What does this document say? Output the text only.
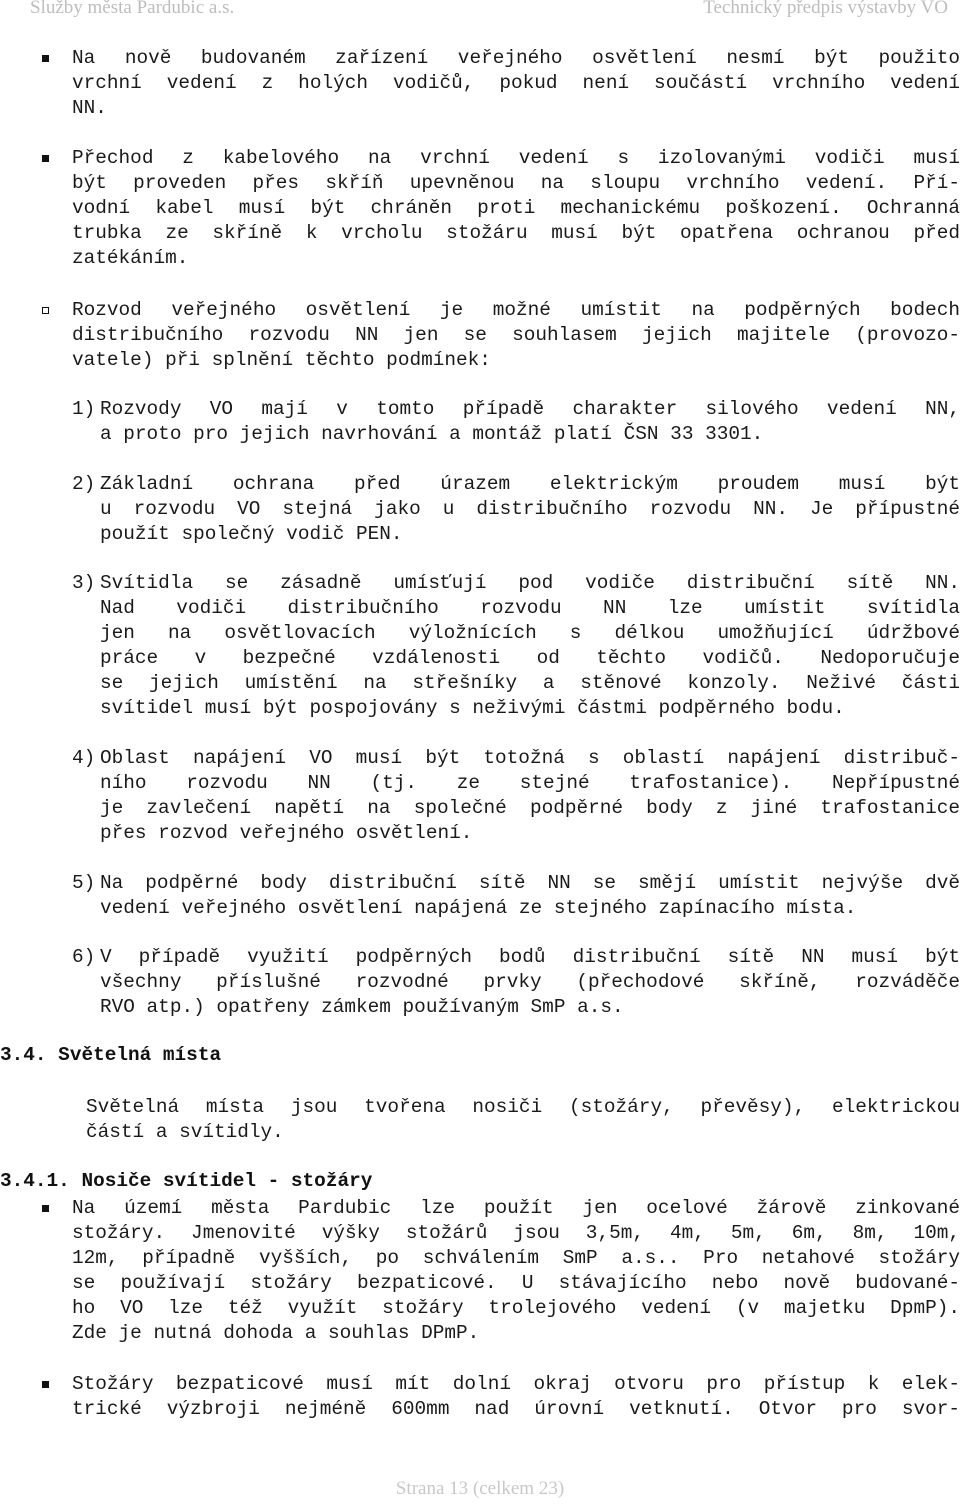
Služby města Pardubic a.s.	Technický předpis výstavby VO
Na nově budovaném zařízení veřejného osvětlení nesmí být použito
vrchní vedení z holých vodičů, pokud není součástí vrchního vedení
NN.
Přechod z kabelového na vrchní vedení s izolovanými vodiči musí
být proveden přes skříň upevněnou na sloupu vrchního vedení. Pří-
vodní kabel musí být chráněn proti mechanickému poškození. Ochranná
trubka ze skříně k vrcholu stožáru musí být opatřena ochranou před
zatékáním.
Rozvod veřejného osvětlení je možné umístit na podpěrných bodech
distribučního rozvodu NN jen se souhlasem jejich majitele (provozo-
vatele) při splnění těchto podmínek:
1) Rozvody VO mají v tomto případě charakter silového vedení NN,
a proto pro jejich navrhování a montáž platí ČSN 33 3301.
2) Základní ochrana před úrazem elektrickým proudem musí být
u rozvodu VO stejná jako u distribučního rozvodu NN. Je přípustné
použít společný vodič PEN.
3) Svítidla se zásadně umísťují pod vodiče distribuční sítě NN.
Nad vodiči distribučního rozvodu NN lze umístit svítidla
jen na osvětlovacích výložnících s délkou umožňující údržbové
práce v bezpečné vzdálenosti od těchto vodičů. Nedoporučuje
se jejich umístění na střešníky a stěnové konzoly. Neživé části
svítidel musí být pospojovány s neživými částmi podpěrného bodu.
4) Oblast napájení VO musí být totožná s oblastí napájení distribuč-
ního rozvodu NN (tj. ze stejné trafostanice). Nepřípustné
je zavlečení napětí na společné podpěrné body z jiné trafostanice
přes rozvod veřejného osvětlení.
5) Na podpěrné body distribuční sítě NN se smějí umístit nejvýše dvě
vedení veřejného osvětlení napájená ze stejného zapínacího místa.
6) V případě využití podpěrných bodů distribuční sítě NN musí být
všechny příslušné rozvodné prvky (přechodové skříně, rozváděče
RVO atp.) opatřeny zámkem používaným SmP a.s.
3.4. Světelná místa
Světelná místa jsou tvořena nosiči (stožáry, převěsy), elektrickou
částí a svítidly.
3.4.1. Nosiče svítidel - stožáry
Na území města Pardubic lze použít jen ocelové žárově zinkované
stožáry. Jmenovité výšky stožárů jsou 3,5m, 4m, 5m, 6m, 8m, 10m,
12m, případně vyšších, po schválením SmP a.s.. Pro netahové stožáry
se používají stožáry bezpaticové. U stávajícího nebo nově budované-
ho VO lze též využít stožáry trolejového vedení (v majetku DpmP).
Zde je nutná dohoda a souhlas DPmP.
Stožáry bezpaticové musí mít dolní okraj otvoru pro přístup k elek-
trické výzbroji nejméně 600mm nad úrovní vetknutí. Otvor pro svor-
Strana 13 (celkem 23)
